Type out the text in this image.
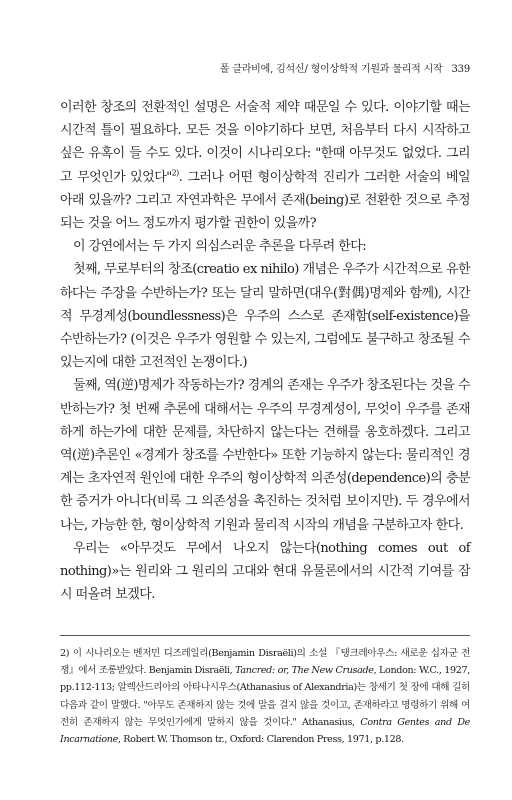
폴 클라비에, 김석신/ 형이상학적 기원과 물리적 시작 339

이러한 창조의 전환적인 설명은 서술적 제약 때문일 수 있다. 이야기할 때는 시간적 틀이 필요하다. 모든 것을 이야기하다 보면, 처음부터 다시 시작하고 싶은 유혹이 들 수도 있다. 이것이 시나리오다: "한때 아무것도 없었다. 그리고 무엇인가 있었다"$^{2)}$. 그러나 어떤 형이상학적 진리가 그러한 서술의 베일 아래 있을까? 그리고 자연과학은 무에서 존재(being)로 전환한 것으로 추정되는 것을 어느 정도까지 평가할 권한이 있을까?

이 강연에서는 두 가지 의심스러운 추론을 다루려 한다:

첫째, 무로부터의 창조(creatio ex nihilo) 개념은 우주가 시간적으로 유한하다는 주장을 수반하는가? 또는 달리 말하면(대우(對偶)명제와 함께), 시간적 무경계성(boundlessness)은 우주의 스스로 존재함(self-existence)을 수반하는가? (이것은 우주가 영원할 수 있는지, 그럼에도 불구하고 창조될 수 있는지에 대한 고전적인 논쟁이다.)

둘째, 역(逆)명제가 작동하는가? 경계의 존재는 우주가 창조된다는 것을 수반하는가? 첫 번째 추론에 대해서는 우주의 무경계성이, 무엇이 우주를 존재하게 하는가에 대한 문제를, 차단하지 않는다는 견해를 옹호하겠다. 그리고 역(逆)추론인 «경계가 창조를 수반한다» 또한 기능하지 않는다: 물리적인 경계는 초자연적 원인에 대한 우주의 형이상학적 의존성(dependence)의 충분한 증거가 아니다(비록 그 의존성을 촉진하는 것처럼 보이지만). 두 경우에서 나는, 가능한 한, 형이상학적 기원과 물리적 시작의 개념을 구분하고자 한다.

우리는 «아무것도 무에서 나오지 않는다(nothing comes out of nothing)»는 원리와 그 원리의 고대와 현대 유물론에서의 시간적 기여를 잠시 떠올려 보겠다.

2) 이 시나리오는 벤저민 디즈레일리(Benjamin Disraëli)의 소설 『탱크레아우스: 새로운 십자군 전쟁』에서 조롱받았다. Benjamin Disraëli, Tancred: or, The New Crusade, London: W.C., 1927, pp.112-113; 알렉산드리아의 아타나시우스(Athanasius of Alexandria)는 창세기 첫 장에 대해 길히 다음과 같이 말했다. "아무도 존재하지 않는 것에 말을 걸지 않을 것이고, 존재하라고 명령하기 위해 여전히 존재하지 않는 무엇인가에게 말하지 않을 것이다." Athanasius, Contra Gentes and De Incarnatione, Robert W. Thomson tr., Oxford: Clarendon Press, 1971, p.128.
